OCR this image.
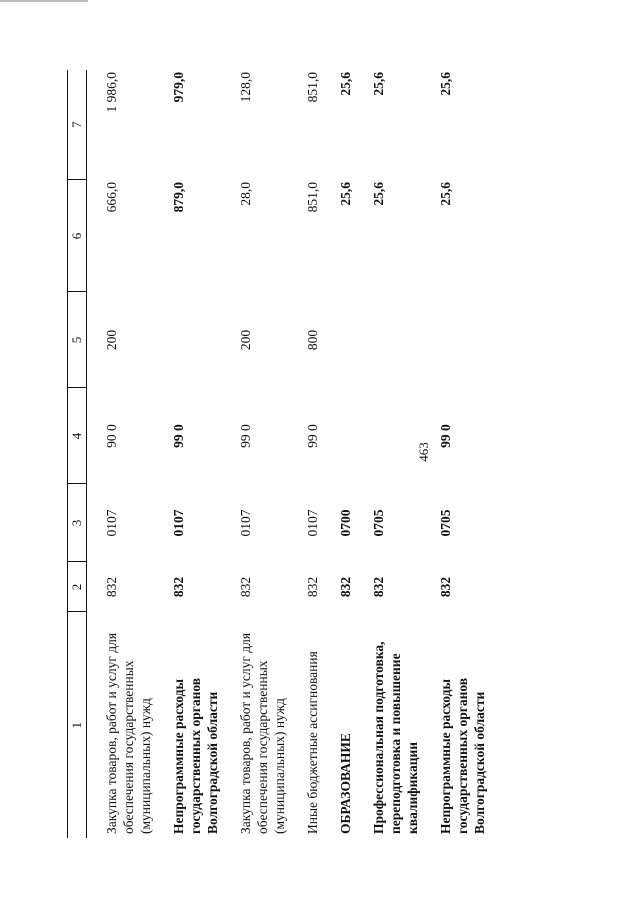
463
1	2	3	4	5	6	7
Закупка товаров, работ и услуг для обеспечения государственных (муниципальных) нужд	832	0107	90 0	200	666,0	1 986,0
Непрограммные расходы государственных органов Волгоградской области	832	0107	99 0		879,0	979,0
Закупка товаров, работ и услуг для обеспечения государственных (муниципальных) нужд	832	0107	99 0	200	28,0	128,0
Иные бюджетные ассигнования	832	0107	99 0	800	851,0	851,0
ОБРАЗОВАНИЕ	832	0700			25,6	25,6
Профессиональная подготовка, переподготовка и повышение квалификации	832	0705			25,6	25,6
Непрограммные расходы государственных органов Волгоградской области	832	0705	99 0		25,6	25,6
